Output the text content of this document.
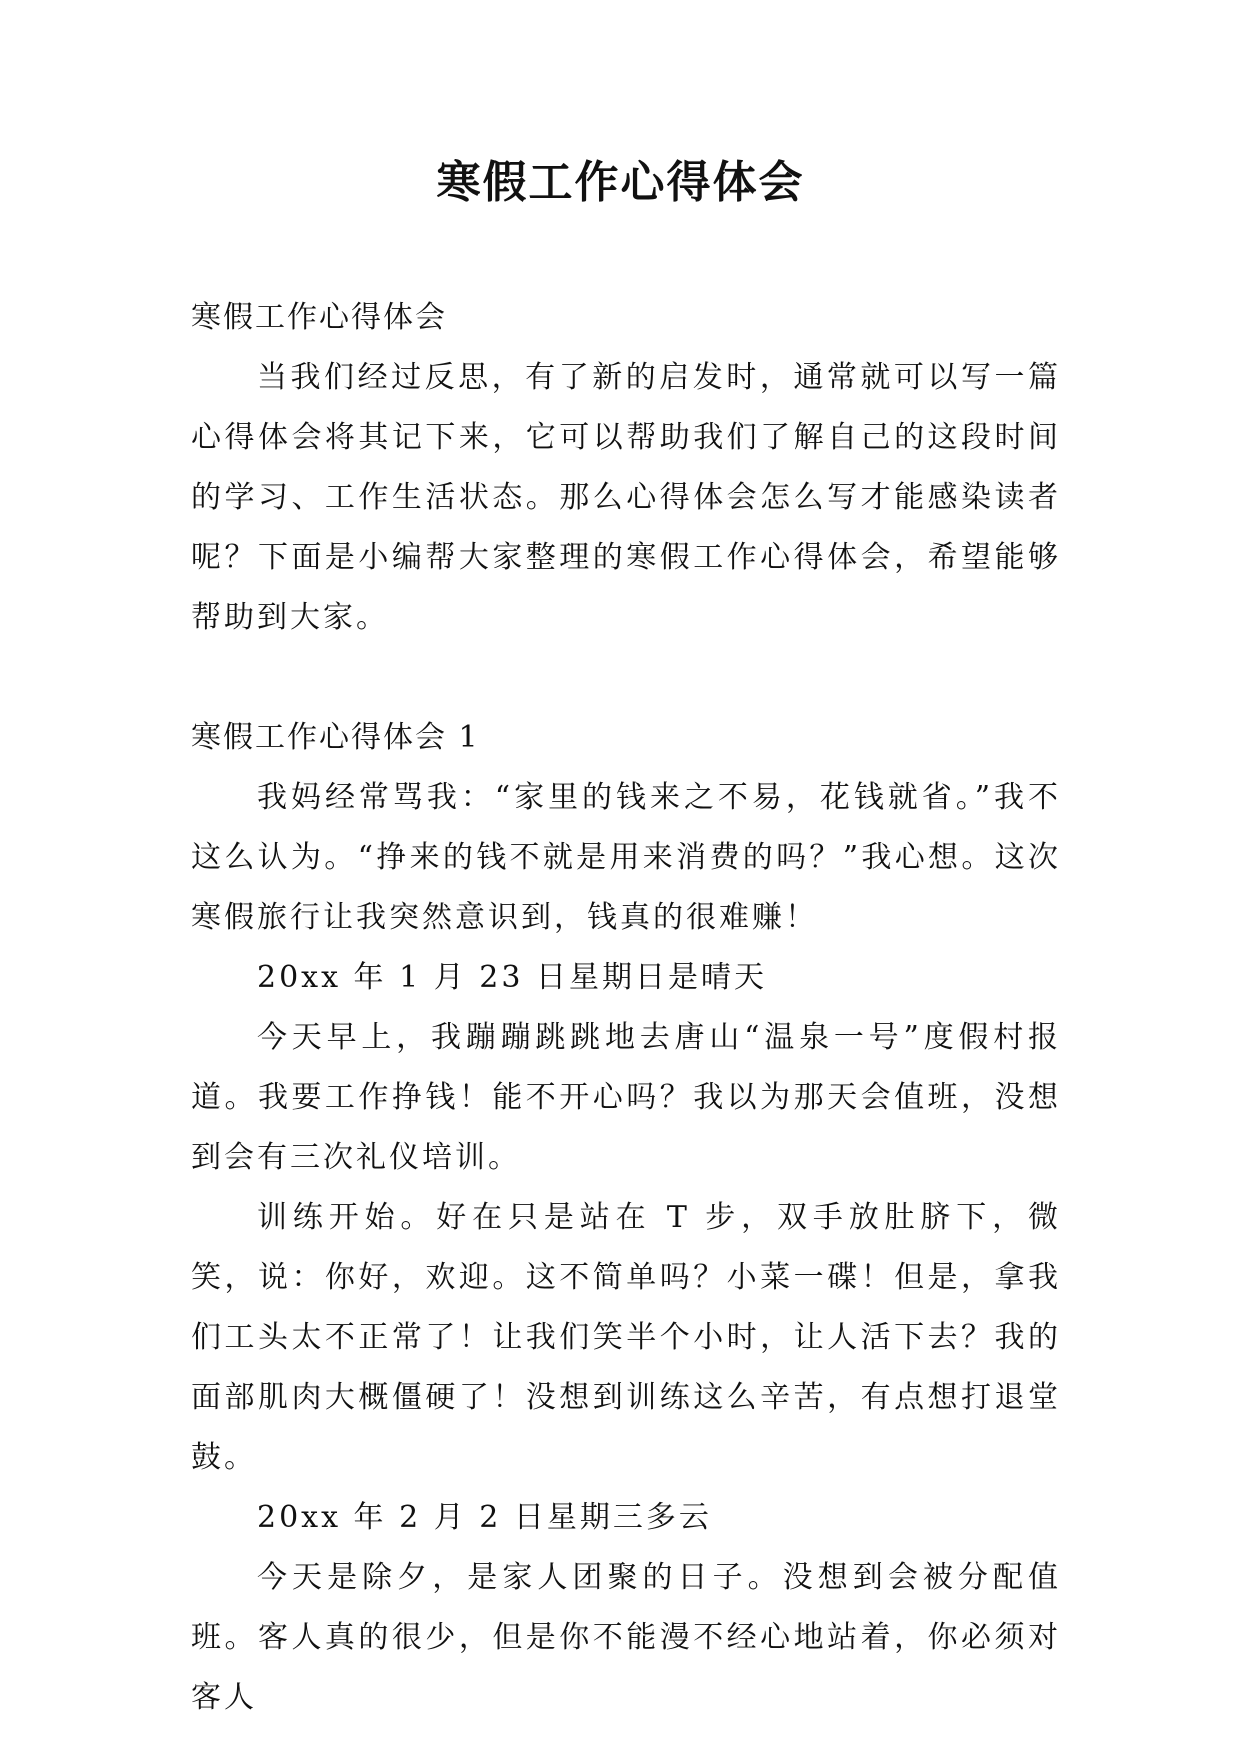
寒假工作心得体会

寒假工作心得体会

当我们经过反思，有了新的启发时，通常就可以写一篇心得体会将其记下来，它可以帮助我们了解自己的这段时间的学习、工作生活状态。那么心得体会怎么写才能感染读者呢？下面是小编帮大家整理的寒假工作心得体会，希望能够帮助到大家。

寒假工作心得体会 1

我妈经常骂我：“家里的钱来之不易，花钱就省。”我不这么认为。“挣来的钱不就是用来消费的吗？”我心想。这次寒假旅行让我突然意识到，钱真的很难赚！

20xx 年 1 月 23 日星期日是晴天

今天早上，我蹦蹦跳跳地去唐山“温泉一号”度假村报道。我要工作挣钱！能不开心吗？我以为那天会值班，没想到会有三次礼仪培训。

训练开始。好在只是站在 T 步，双手放肚脐下，微笑，说：你好，欢迎。这不简单吗？小菜一碟！但是，拿我们工头太不正常了！让我们笑半个小时，让人活下去？我的面部肌肉大概僵硬了！没想到训练这么辛苦，有点想打退堂鼓。

20xx 年 2 月 2 日星期三多云

今天是除夕，是家人团聚的日子。没想到会被分配值班。客人真的很少，但是你不能漫不经心地站着，你必须对客人
